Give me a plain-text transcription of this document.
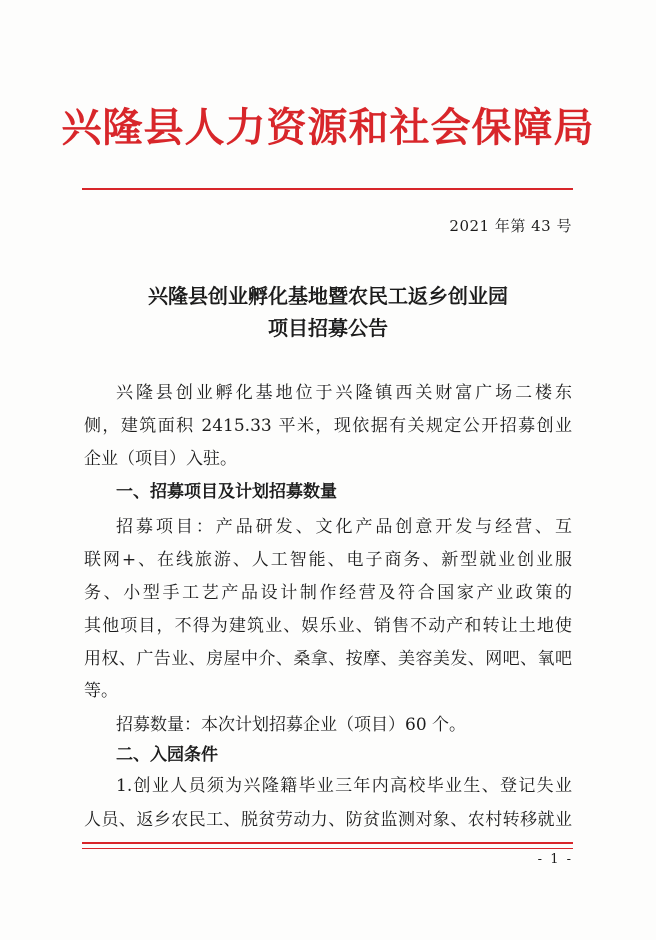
兴隆县人力资源和社会保障局
2021 年第 43 号
兴隆县创业孵化基地暨农民工返乡创业园
项目招募公告
兴隆县创业孵化基地位于兴隆镇西关财富广场二楼东
侧，建筑面积 2415.33 平米，现依据有关规定公开招募创业
企业（项目）入驻。
一、招募项目及计划招募数量
招募项目：产品研发、文化产品创意开发与经营、互
联网+、在线旅游、人工智能、电子商务、新型就业创业服
务、小型手工艺产品设计制作经营及符合国家产业政策的
其他项目，不得为建筑业、娱乐业、销售不动产和转让土地使
用权、广告业、房屋中介、桑拿、按摩、美容美发、网吧、氧吧
等。
招募数量：本次计划招募企业（项目）60 个。
二、入园条件
1.创业人员须为兴隆籍毕业三年内高校毕业生、登记失业
人员、返乡农民工、脱贫劳动力、防贫监测对象、农村转移就业
- 1 -
